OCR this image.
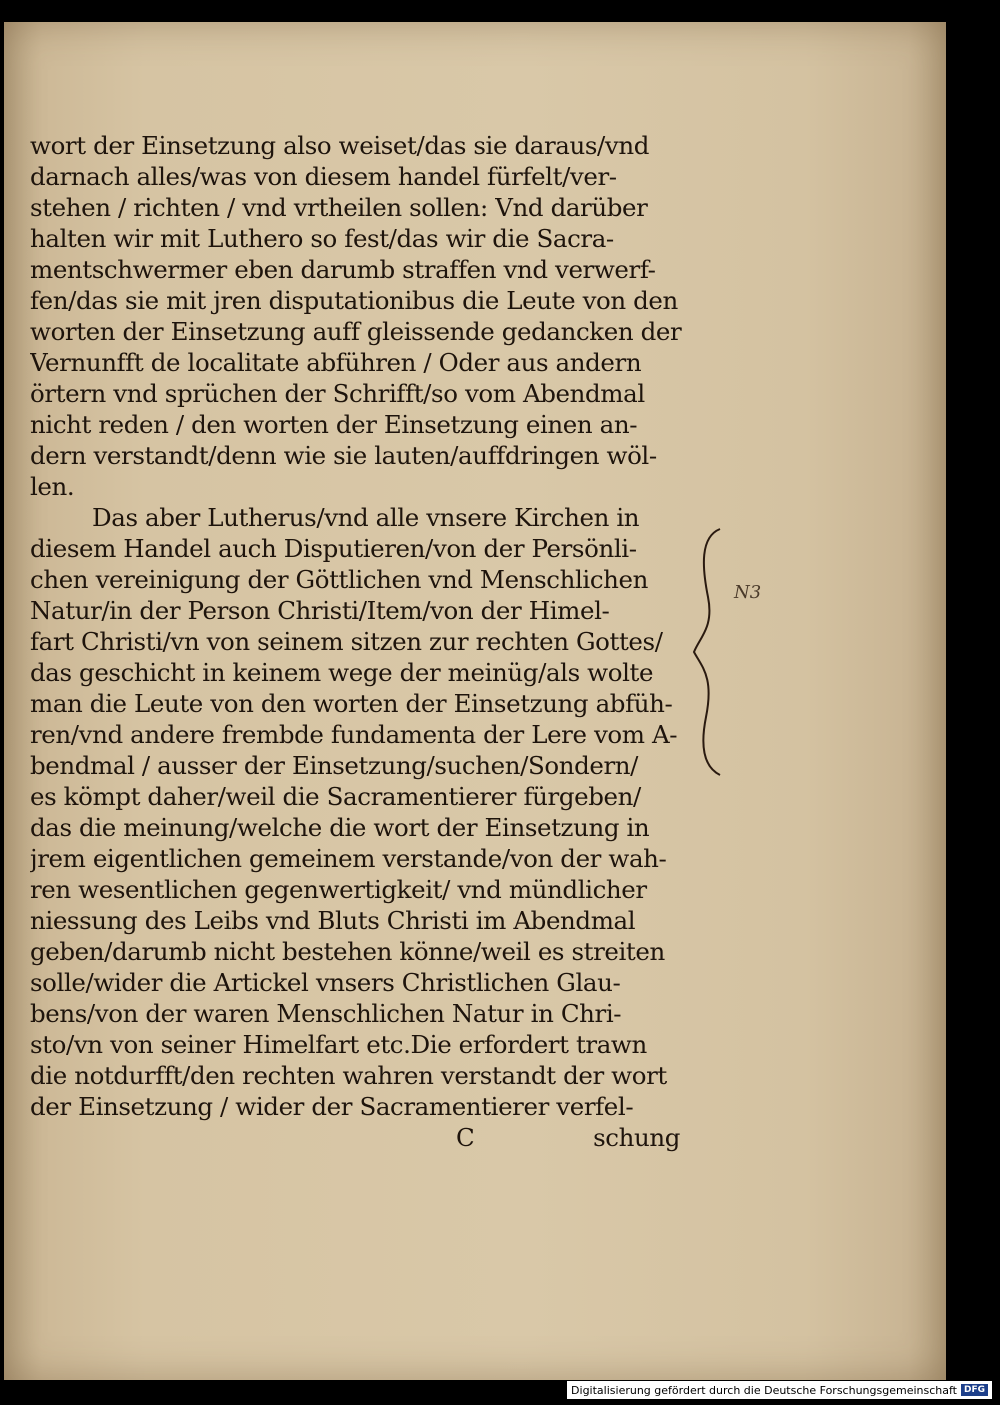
wort der Einsetzung also weiset/das sie daraus/vnd
darnach alles/was von diesem handel fürfelt/ver-
stehen / richten / vnd vrtheilen sollen: Vnd darüber
halten wir mit Luthero so fest/das wir die Sacra-
mentschwermer eben darumb straffen vnd verwerf-
fen/das sie mit jren disputationibus die Leute von den
worten der Einsetzung auff gleissende gedancken der
Vernunfft de localitate abführen / Oder aus andern
örtern vnd sprüchen der Schrifft/so vom Abendmal
nicht reden / den worten der Einsetzung einen an-
dern verstandt/denn wie sie lauten/auffdringen wöl-
len.
Das aber Lutherus/vnd alle vnsere Kirchen in
diesem Handel auch Disputieren/von der Persönli-
chen vereinigung der Göttlichen vnd Menschlichen
Natur/in der Person Christi/Item/von der Himel-
fart Christi/vn von seinem sitzen zur rechten Gottes/
das geschicht in keinem wege der meinüg/als wolte
man die Leute von den worten der Einsetzung abfüh-
ren/vnd andere frembde fundamenta der Lere vom A-
bendmal / ausser der Einsetzung/suchen/Sondern/
es kömpt daher/weil die Sacramentierer fürgeben/
das die meinung/welche die wort der Einsetzung in
jrem eigentlichen gemeinem verstande/von der wah-
ren wesentlichen gegenwertigkeit/ vnd mündlicher
niessung des Leibs vnd Bluts Christi im Abendmal
geben/darumb nicht bestehen könne/weil es streiten
solle/wider die Artickel vnsers Christlichen Glau-
bens/von der waren Menschlichen Natur in Chri-
sto/vn von seiner Himelfart etc.Die erfordert trawn
die notdurfft/den rechten wahren verstandt der wort
der Einsetzung / wider der Sacramentierer verfel-
C	schung
N3
Digitalisierung gefördert durch die Deutsche Forschungsgemeinschaft DFG
